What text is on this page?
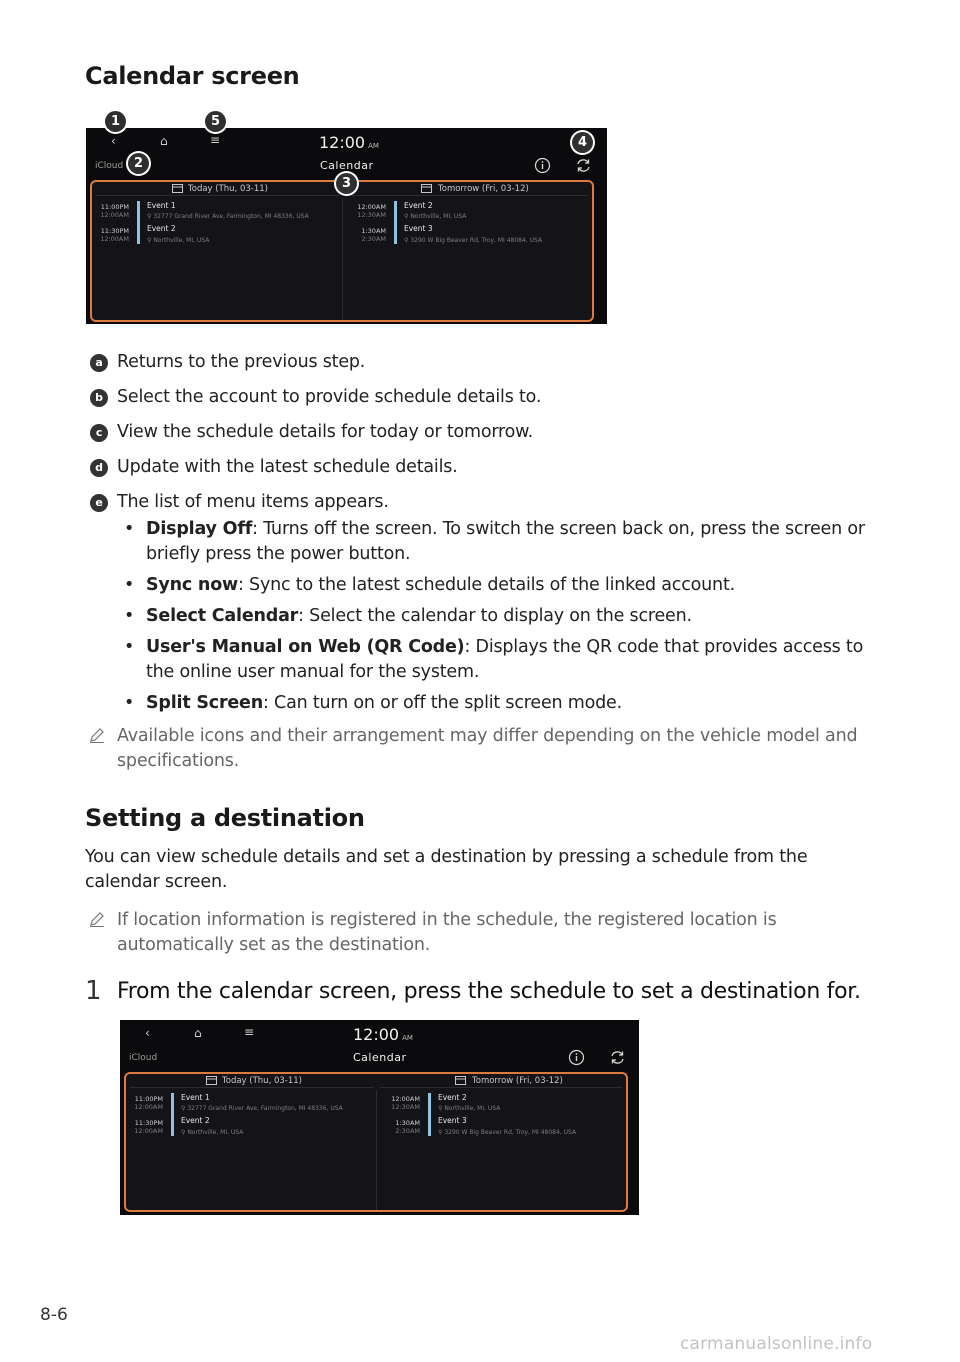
Calendar screen
‹	⌂	≡	12:00 AM
iCloud	Calendar
Today (Thu, 03-11)	Tomorrow (Fri, 03-12)
11:00PM
12:00AM
Event 1
⚲ 32777 Grand River Ave, Farmington, MI 48336, USA
11:30PM
12:00AM
Event 2
⚲ Northville, MI, USA
12:00AM
12:30AM
Event 2
⚲ Northville, MI, USA
1:30AM
2:30AM
Event 3
⚲ 3290 W Big Beaver Rd, Troy, MI 48084, USA
1	5
2
3
4
a Returns to the previous step.
b Select the account to provide schedule details to.
c View the schedule details for today or tomorrow.
d Update with the latest schedule details.
e The list of menu items appears.
• Display Off: Turns off the screen. To switch the screen back on, press the screen or briefly press the power button.
• Sync now: Sync to the latest schedule details of the linked account.
• Select Calendar: Select the calendar to display on the screen.
• User's Manual on Web (QR Code): Displays the QR code that provides access to the online user manual for the system.
• Split Screen: Can turn on or off the split screen mode.
Available icons and their arrangement may differ depending on the vehicle model and specifications.
Setting a destination
You can view schedule details and set a destination by pressing a schedule from the calendar screen.
If location information is registered in the schedule, the registered location is automatically set as the destination.
1 From the calendar screen, press the schedule to set a destination for.
‹	⌂	≡	12:00 AM
iCloud	Calendar
Today (Thu, 03-11)	Tomorrow (Fri, 03-12)
11:00PM
12:00AM
Event 1
⚲ 32777 Grand River Ave, Farmington, MI 48336, USA
11:30PM
12:00AM
Event 2
⚲ Northville, MI, USA
12:00AM
12:30AM
Event 2
⚲ Northville, MI, USA
1:30AM
2:30AM
Event 3
⚲ 3290 W Big Beaver Rd, Troy, MI 48084, USA
8-6
carmanualsonline.info
